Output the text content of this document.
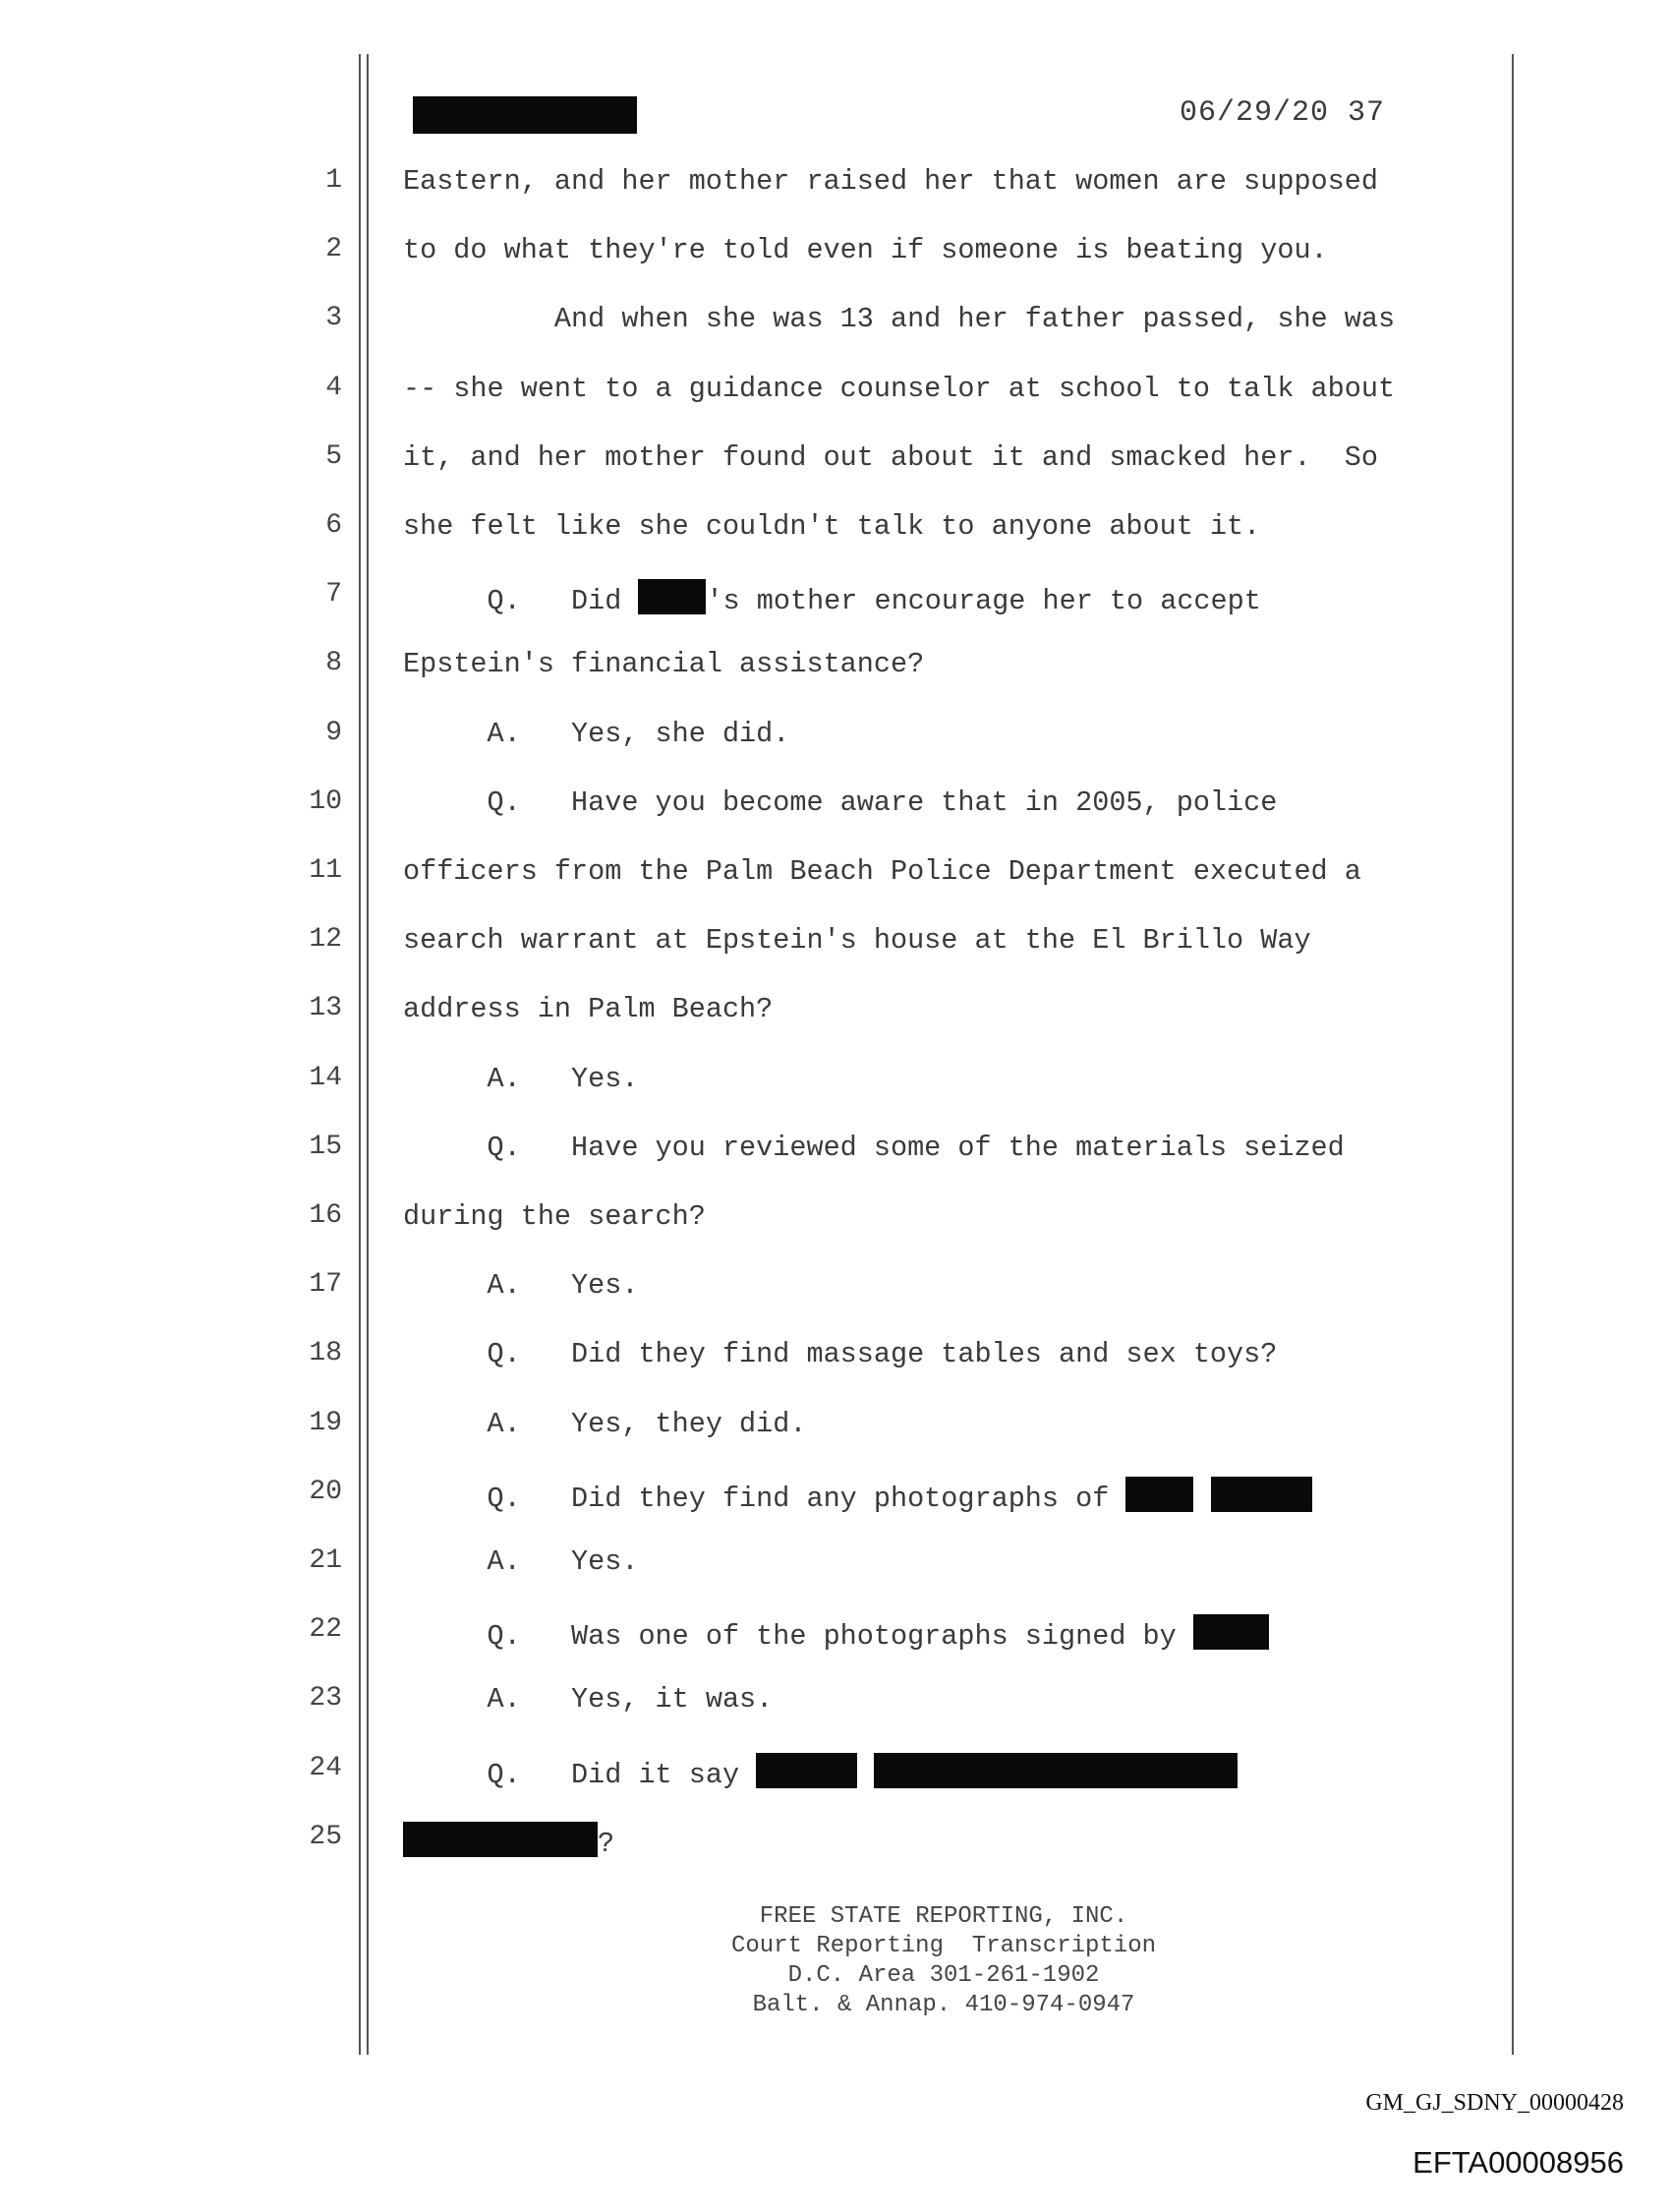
06/29/20 37
1 Eastern, and her mother raised her that women are supposed
2 to do what they're told even if someone is beating you.
3 And when she was 13 and her father passed, she was
4 -- she went to a guidance counselor at school to talk about
5 it, and her mother found out about it and smacked her.  So
6 she felt like she couldn't talk to anyone about it.
7 Q.   Did 's mother encourage her to accept
8 Epstein's financial assistance?
9 A.   Yes, she did.
10 Q.   Have you become aware that in 2005, police
11 officers from the Palm Beach Police Department executed a
12 search warrant at Epstein's house at the El Brillo Way
13 address in Palm Beach?
14 A.   Yes.
15 Q.   Have you reviewed some of the materials seized
16 during the search?
17 A.   Yes.
18 Q.   Did they find massage tables and sex toys?
19 A.   Yes, they did.
20 Q.   Did they find any photographs of
21 A.   Yes.
22 Q.   Was one of the photographs signed by
23 A.   Yes, it was.
24 Q.   Did it say
25	?
FREE STATE REPORTING, INC.
Court Reporting  Transcription
D.C. Area 301-261-1902
Balt. & Annap. 410-974-0947
GM_GJ_SDNY_00000428
EFTA00008956
